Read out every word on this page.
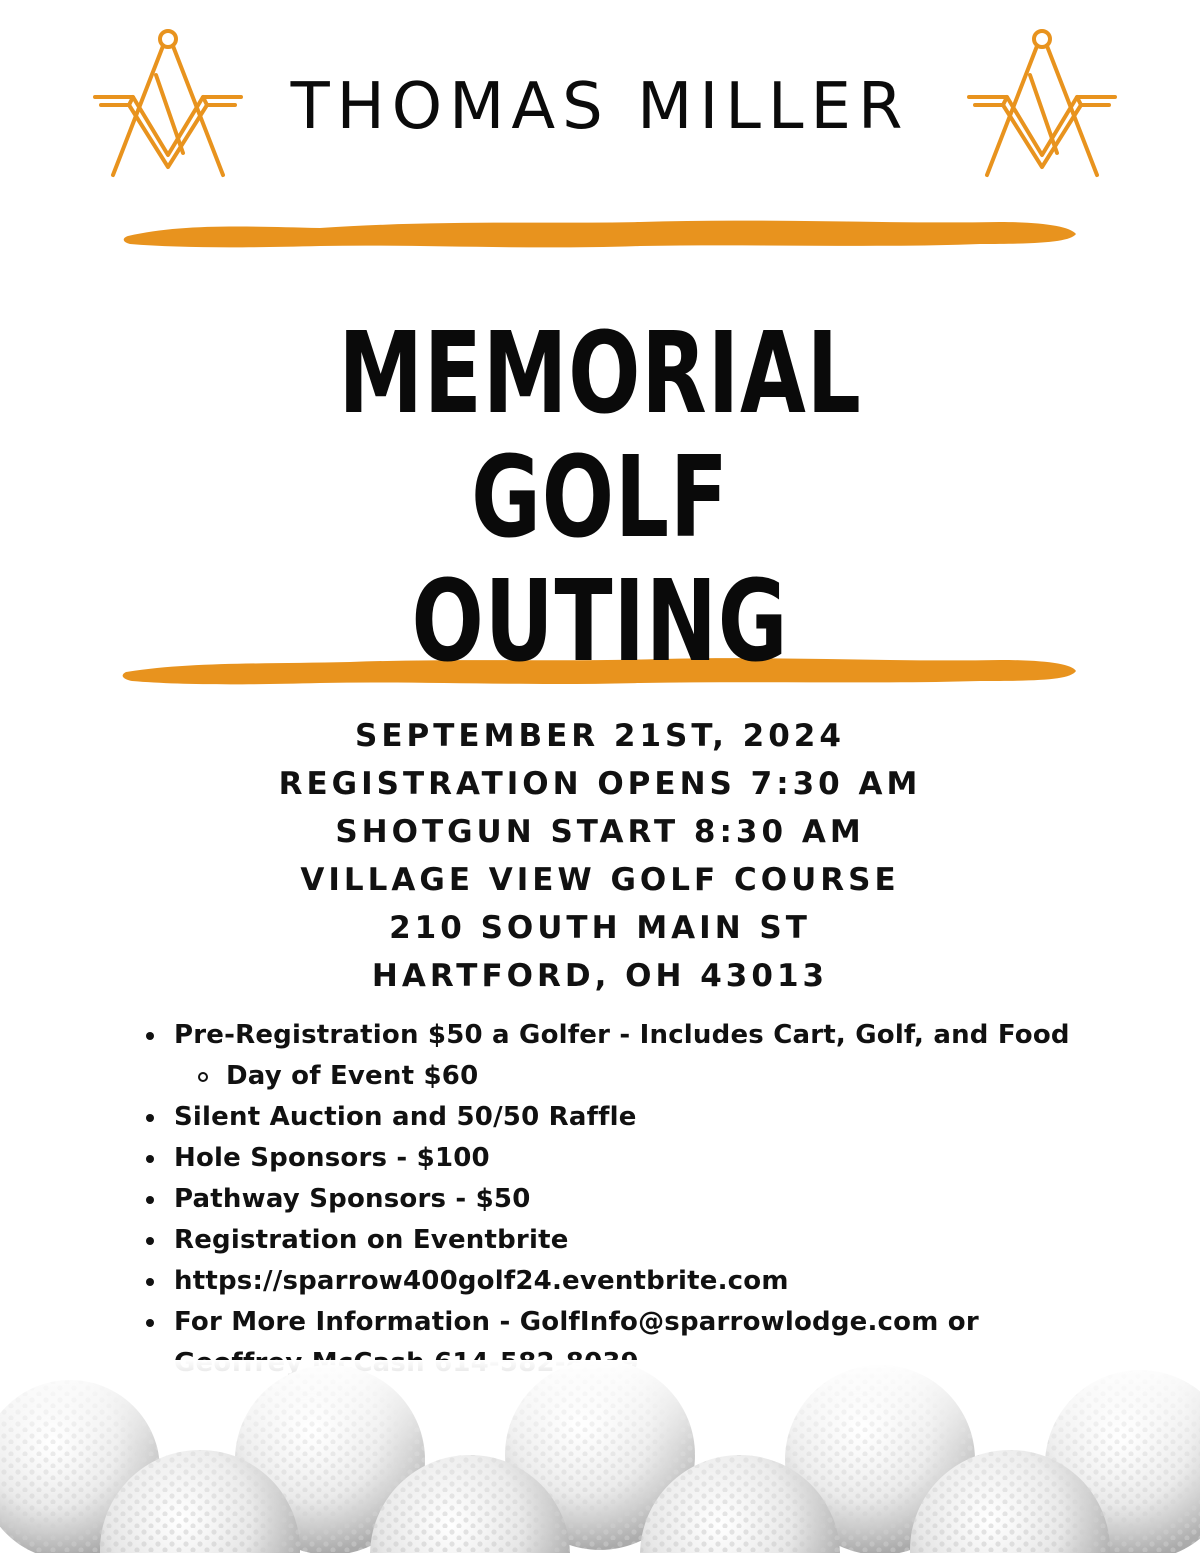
THOMAS MILLER
MEMORIAL GOLF
OUTING
SEPTEMBER 21ST, 2024
REGISTRATION OPENS 7:30 AM
SHOTGUN START 8:30 AM
VILLAGE VIEW GOLF COURSE
210 SOUTH MAIN ST
HARTFORD, OH 43013
Pre-Registration $50 a Golfer - Includes Cart, Golf, and Food
Day of Event $60
Silent Auction and 50/50 Raffle
Hole Sponsors - $100
Pathway Sponsors - $50
Registration on Eventbrite
https://sparrow400golf24.eventbrite.com
For More Information - GolfInfo@sparrowlodge.com or
